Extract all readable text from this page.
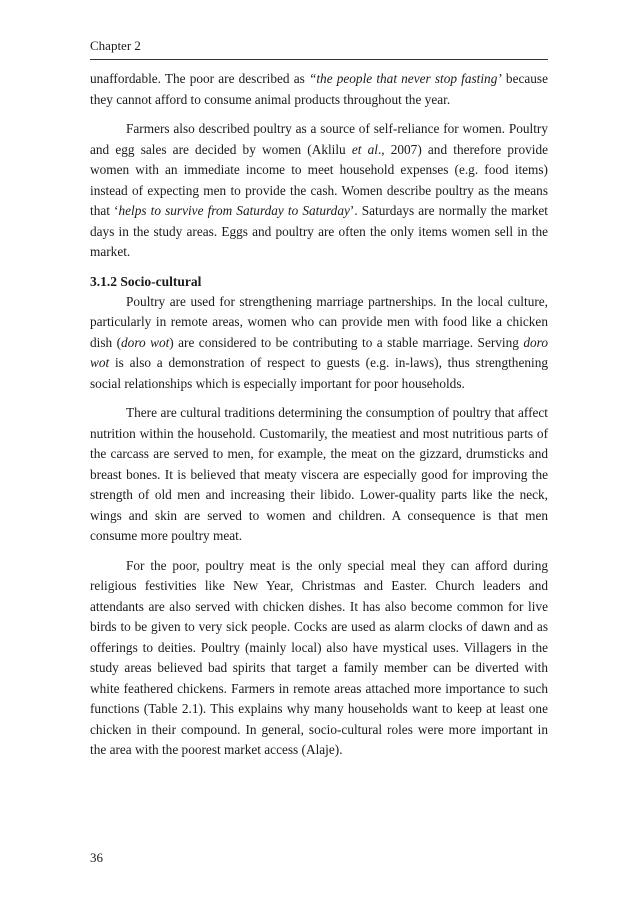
Chapter 2

unaffordable. The poor are described as “the people that never stop fasting’ because they cannot afford to consume animal products throughout the year.

Farmers also described poultry as a source of self-reliance for women. Poultry and egg sales are decided by women (Aklilu et al., 2007) and therefore provide women with an immediate income to meet household expenses (e.g. food items) instead of expecting men to provide the cash. Women describe poultry as the means that ‘helps to survive from Saturday to Saturday’. Saturdays are normally the market days in the study areas. Eggs and poultry are often the only items women sell in the market.

3.1.2 Socio-cultural

Poultry are used for strengthening marriage partnerships. In the local culture, particularly in remote areas, women who can provide men with food like a chicken dish (doro wot) are considered to be contributing to a stable marriage. Serving doro wot is also a demonstration of respect to guests (e.g. in-laws), thus strengthening social relationships which is especially important for poor households.

There are cultural traditions determining the consumption of poultry that affect nutrition within the household. Customarily, the meatiest and most nutritious parts of the carcass are served to men, for example, the meat on the gizzard, drumsticks and breast bones. It is believed that meaty viscera are especially good for improving the strength of old men and increasing their libido. Lower-quality parts like the neck, wings and skin are served to women and children. A consequence is that men consume more poultry meat.

For the poor, poultry meat is the only special meal they can afford during religious festivities like New Year, Christmas and Easter. Church leaders and attendants are also served with chicken dishes. It has also become common for live birds to be given to very sick people. Cocks are used as alarm clocks of dawn and as offerings to deities. Poultry (mainly local) also have mystical uses. Villagers in the study areas believed bad spirits that target a family member can be diverted with white feathered chickens. Farmers in remote areas attached more importance to such functions (Table 2.1). This explains why many households want to keep at least one chicken in their compound. In general, socio-cultural roles were more important in the area with the poorest market access (Alaje).

36
